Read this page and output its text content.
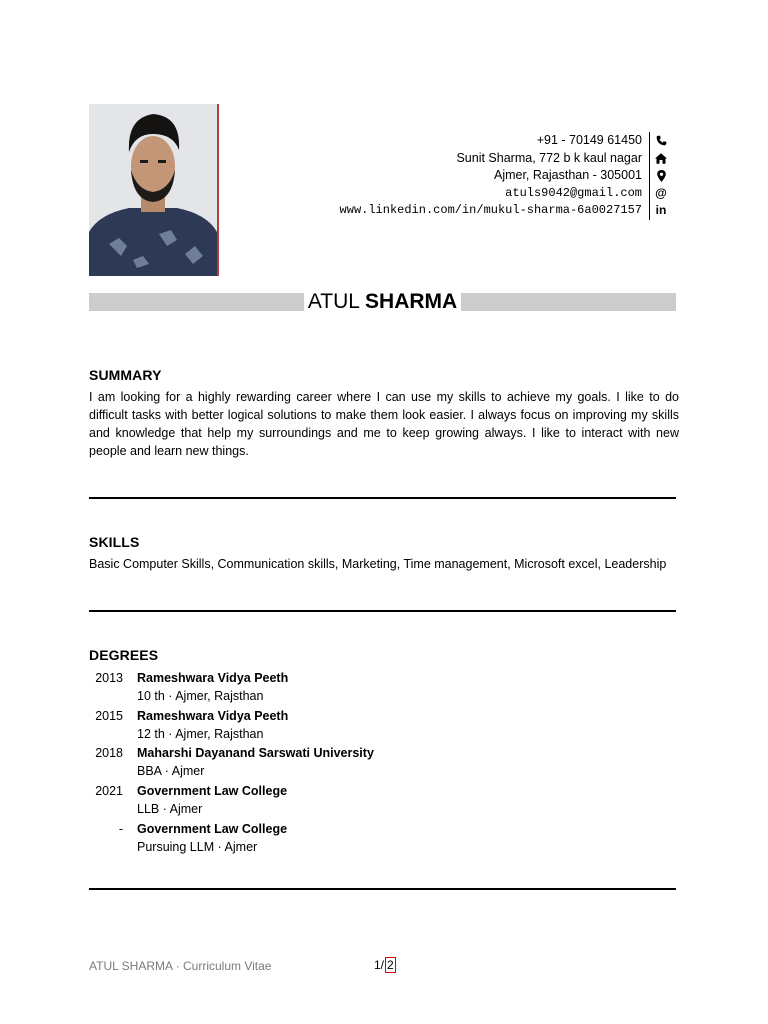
+91 - 70149 61450
Sunit Sharma, 772 b k kaul nagar
Ajmer, Rajasthan - 305001
atuls9042@gmail.com	@
www.linkedin.com/in/mukul-sharma-6a0027157	in
ATUL SHARMA
SUMMARY
I am looking for a highly rewarding career where I can use my skills to achieve my goals. I like to do difficult tasks with better logical solutions to make them look easier. I always focus on improving my skills and knowledge that help my surroundings and me to keep growing always. I like to interact with new people and learn new things.
SKILLS
Basic Computer Skills, Communication skills, Marketing, Time management, Microsoft excel, Leadership
DEGREES
2013 Rameshwara Vidya Peeth
10 th · Ajmer, Rajsthan
2015 Rameshwara Vidya Peeth
12 th · Ajmer, Rajsthan
2018 Maharshi Dayanand Sarswati University
BBA · Ajmer
2021 Government Law College
LLB · Ajmer
- Government Law College
Pursuing LLM · Ajmer
ATUL SHARMA · Curriculum Vitae	1/ 2
